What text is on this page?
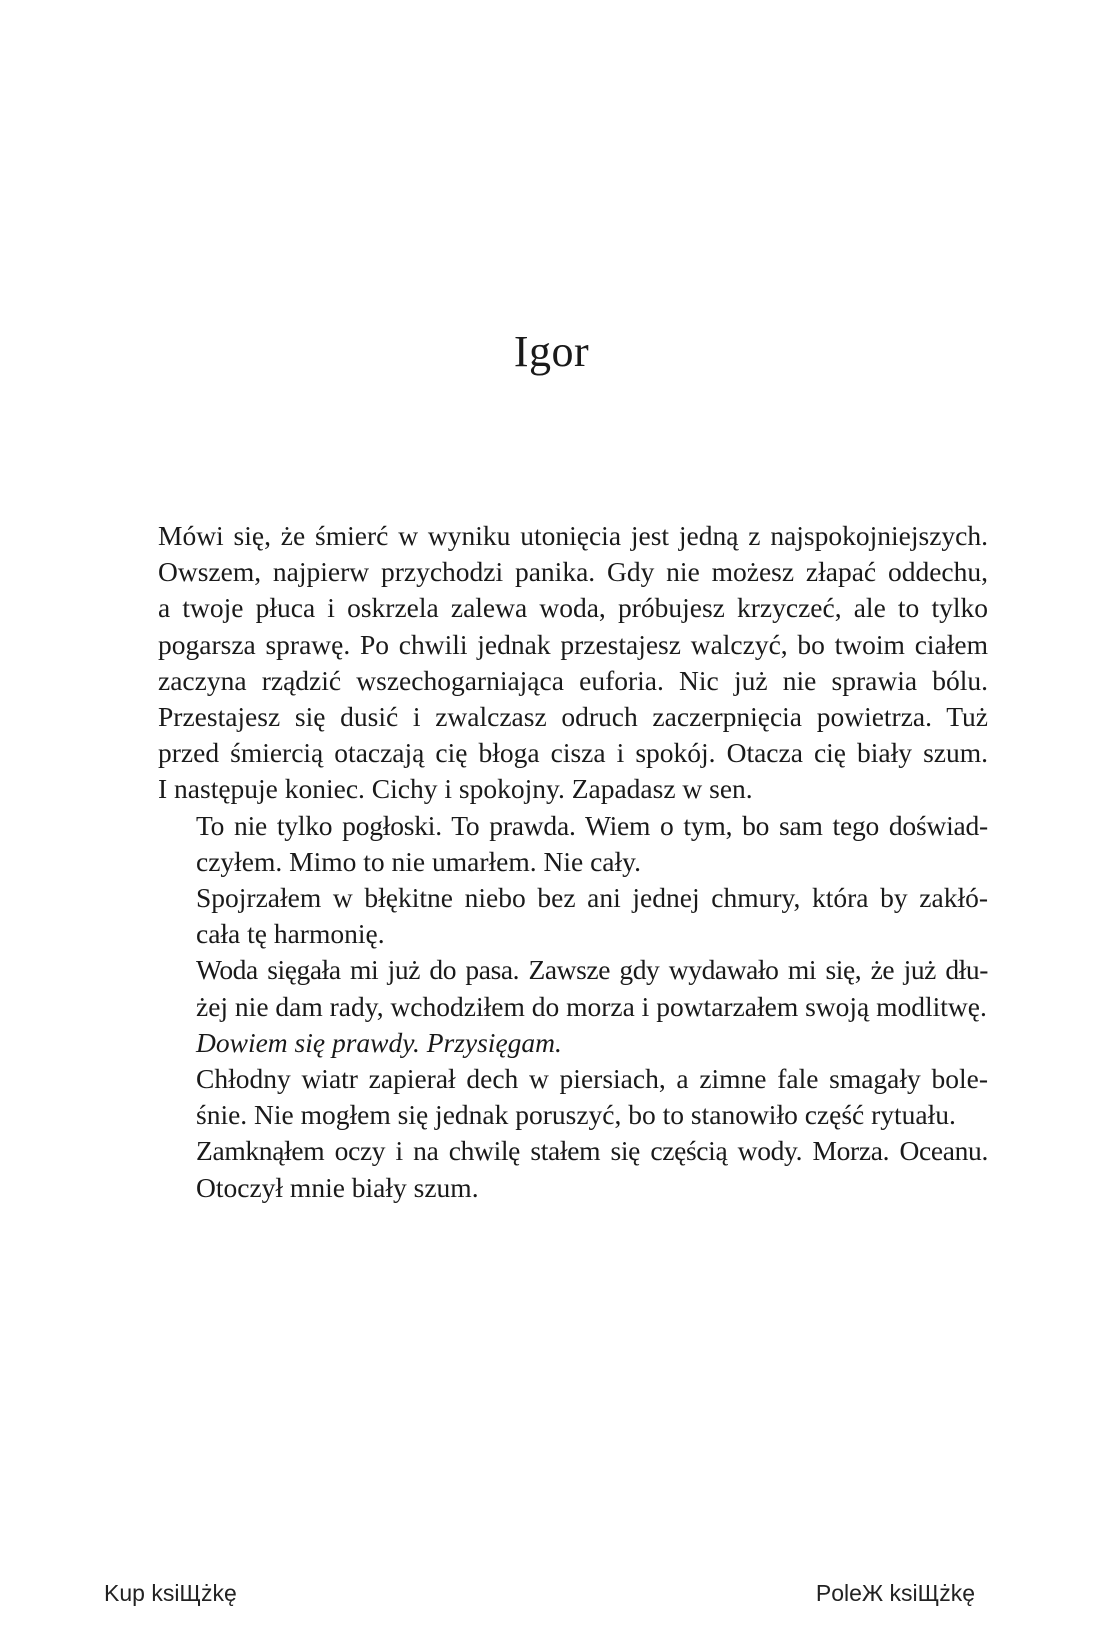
Igor

Mówi się, że śmierć w wyniku utonięcia jest jedną z najspokojniejszych.
Owszem, najpierw przychodzi panika. Gdy nie możesz złapać oddechu,
a twoje płuca i oskrzela zalewa woda, próbujesz krzyczeć, ale to tylko
pogarsza sprawę. Po chwili jednak przestajesz walczyć, bo twoim ciałem
zaczyna rządzić wszechogarniająca euforia. Nic już nie sprawia bólu.
Przestajesz się dusić i zwalczasz odruch zaczerpnięcia powietrza. Tuż
przed śmiercią otaczają cię błoga cisza i spokój. Otacza cię biały szum.
I następuje koniec. Cichy i spokojny. Zapadasz w sen.

To nie tylko pogłoski. To prawda. Wiem o tym, bo sam tego doświad-
czyłem. Mimo to nie umarłem. Nie cały.

Spojrzałem w błękitne niebo bez ani jednej chmury, która by zakłó-
cała tę harmonię.

Woda sięgała mi już do pasa. Zawsze gdy wydawało mi się, że już dłu-
żej nie dam rady, wchodziłem do morza i powtarzałem swoją modlitwę.

Dowiem się prawdy. Przysięgam.

Chłodny wiatr zapierał dech w piersiach, a zimne fale smagały bole-
śnie. Nie mogłem się jednak poruszyć, bo to stanowiło część rytuału.

Zamknąłem oczy i na chwilę stałem się częścią wody. Morza. Oceanu.
Otoczył mnie biały szum.

Kup ksiЩżkę	PoleЖ ksiЩżkę
